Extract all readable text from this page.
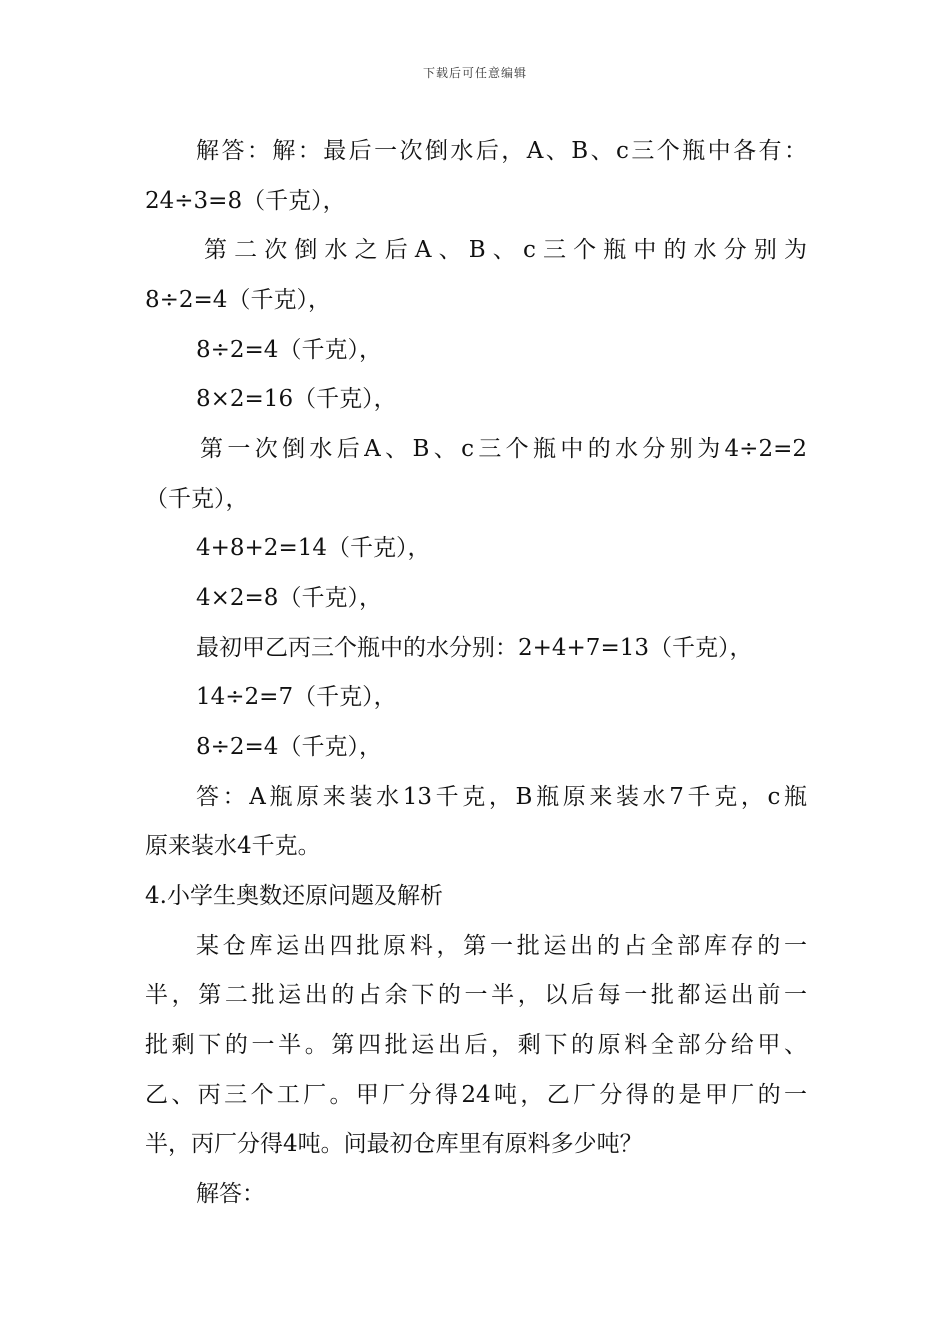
下载后可任意编辑
解答：解：最后一次倒水后，A、B、c三个瓶中各有：
24÷3=8（千克），
第二次倒水之后A、B、c三个瓶中的水分别为
8÷2=4（千克），
8÷2=4（千克），
8×2=16（千克），
第一次倒水后A、B、c三个瓶中的水分别为4÷2=2
（千克），
4+8+2=14（千克），
4×2=8（千克），
最初甲乙丙三个瓶中的水分别：2+4+7=13（千克），
14÷2=7（千克），
8÷2=4（千克），
答：A瓶原来装水13千克，B瓶原来装水7千克，c瓶
原来装水4千克。
4.小学生奥数还原问题及解析
某仓库运出四批原料，第一批运出的占全部库存的一
半，第二批运出的占余下的一半，以后每一批都运出前一
批剩下的一半。第四批运出后，剩下的原料全部分给甲、
乙、丙三个工厂。甲厂分得24吨，乙厂分得的是甲厂的一
半，丙厂分得4吨。问最初仓库里有原料多少吨？
解答：
